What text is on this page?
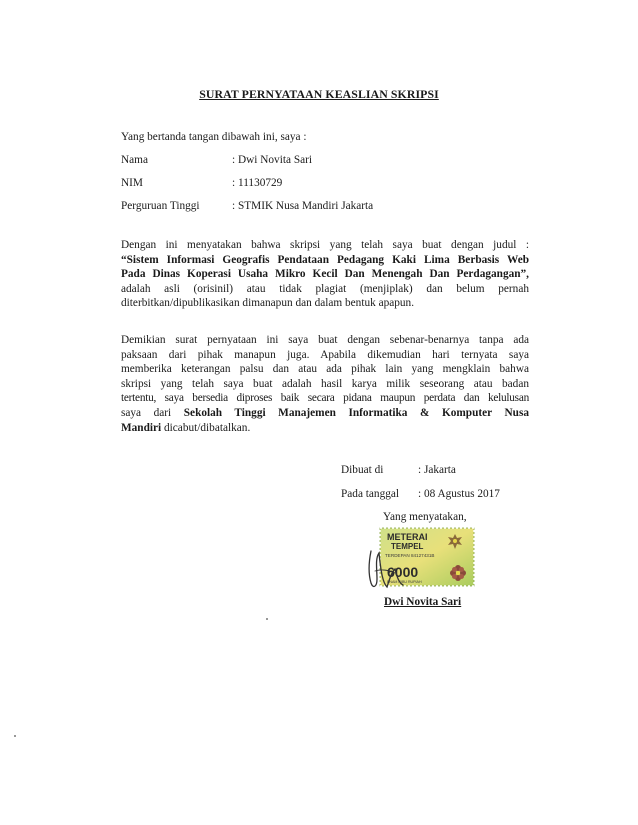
SURAT PERNYATAAN KEASLIAN SKRIPSI
Yang bertanda tangan dibawah ini, saya :
Nama	: Dwi Novita Sari
NIM	: 11130729
Perguruan Tinggi	: STMIK Nusa Mandiri Jakarta
Dengan ini menyatakan bahwa skripsi yang telah saya buat dengan judul :
“Sistem Informasi Geografis Pendataan Pedagang Kaki Lima Berbasis Web
Pada Dinas Koperasi Usaha Mikro Kecil Dan Menengah Dan Perdagangan”,
adalah asli (orisinil) atau tidak plagiat (menjiplak) dan belum pernah
diterbitkan/dipublikasikan dimanapun dan dalam bentuk apapun.
Demikian surat pernyataan ini saya buat dengan sebenar-benarnya tanpa ada
paksaan dari pihak manapun juga. Apabila dikemudian hari ternyata saya
memberika keterangan palsu dan atau ada pihak lain yang mengklain bahwa
skripsi yang telah saya buat adalah hasil karya milik seseorang atau badan
tertentu, saya bersedia diproses baik secara pidana maupun perdata dan kelulusan
saya dari Sekolah Tinggi Manajemen Informatika & Komputer Nusa
Mandiri dicabut/dibatalkan.
Dibuat di	: Jakarta
Pada tanggal : 08 Agustus 2017
Yang menyatakan,
METERAI
TEMPEL
TERDEPAN 84127431B
6000
ENAM RIBU RUPIAH
Dwi Novita Sari
